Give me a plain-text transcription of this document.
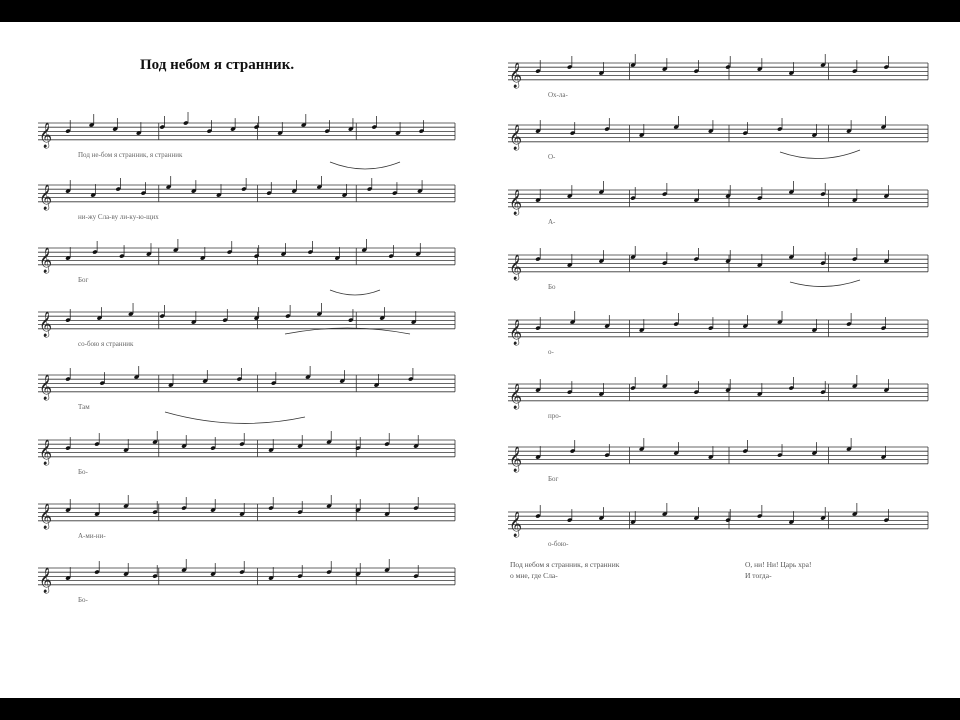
𝄞
Под не-бом я странник, я странник
𝄞
ни-жу Сла-ву ли-ку-ю-щих
𝄞
Бог
𝄞
со-бою я странник
𝄞
Там
𝄞
Бо-
𝄞
А-ми-ни-
𝄞
Бо-
𝄞
Ох-ла-
𝄞
О-
𝄞
А-
𝄞
Бо
𝄞
о-
𝄞
про-
𝄞
Бог
𝄞
о-бою-
Под небом я странник.
Под небом я странник, я странник
о мне, где Сла-
О, ни! Ни! Царь хра!
И тогда-
